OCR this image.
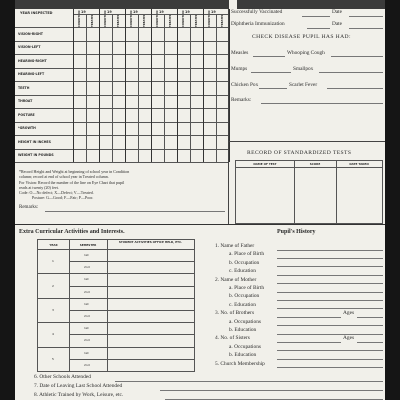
YEAR INSPECTED	19	19	19	19	19	19
CONDITION	TREATED	CONDITION	TREATED	CONDITION	TREATED	CONDITION	TREATED	CONDITION	TREATED	CONDITION	TREATED
VISION-RIGHT
VISION-LEFT
HEARING-RIGHT
HEARING-LEFT
TEETH
THROAT
POSTURE
*GROWTH
HEIGHT IN INCHES
WEIGHT IN POUNDS
*Record Height and Weight at beginning of school year in Condition
column; record at end of school year in Treated column.
For Vision: Record the number of the line on Eye Chart that pupil
reads at twenty (20) feet.
Code: O—No defect; X—Defect; V—Treated.
Posture: G—Good; F—Fair; P—Poor.
Remarks:
Successfully Vaccinated	Date
Diphtheria Immunization	Date
CHECK DISEASE PUPIL HAS HAD:
Measles	Whooping Cough
Mumps	Smallpox
Chicken Pox	Scarlet Fever
Remarks:
RECORD OF STANDARDIZED TESTS
NAME OF TEST	SCORE	DATE TAKEN
Extra Curricular Activities and Interests.
YEAR	SEMESTER
STUDENT ACTIVITIES OFFICE HELD, ETC.
1
1st
2nd
2
1st
2nd
3
1st
2nd
4
1st
2nd
5
1st
2nd
Pupil's History
6. Other Schools Attended
7. Date of Leaving Last School Attended
8. Athletic Trained by Work, Leisure, etc.
1. Name of Father
a. Place of Birth
b. Occupation
c. Education
2. Name of Mother
a. Place of Birth
b. Occupation
c. Education
3. No. of Brothers	Ages
a. Occupations
b. Education
4. No. of Sisters	Ages
a. Occupations
b. Education
5. Church Membership
